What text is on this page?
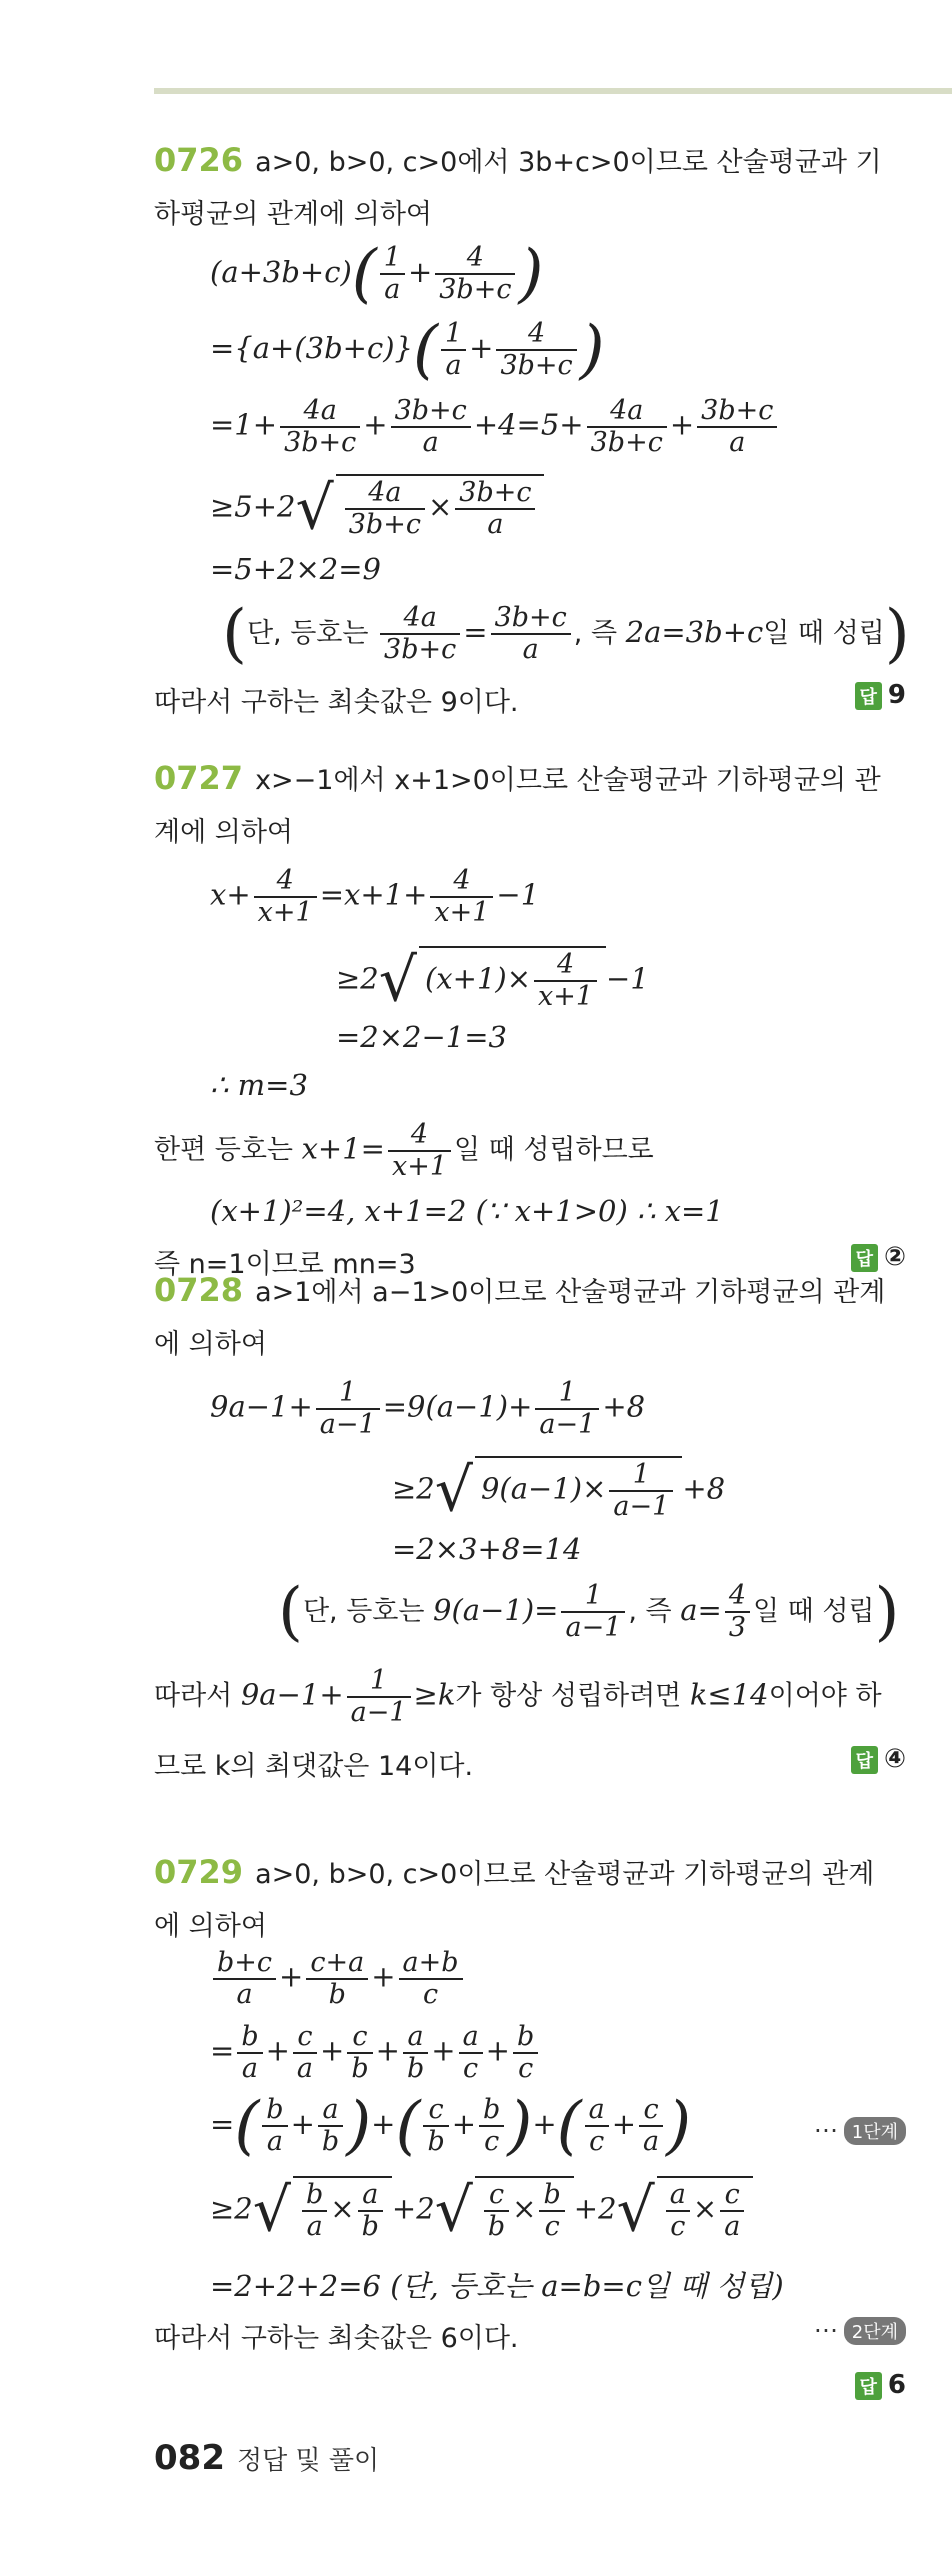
0726 a>0, b>0, c>0에서 3b+c>0이므로 산술평균과 기
하평균의 관계에 의하여
$(a+3b+c)( \frac{1}{a} + \frac{4}{3b+c}$ )
$=\{a+(3b+c)\}( \frac{1}{a} + \frac{4}{3b+c}$ )
$=1+ \frac{4a}{3b+c} + \frac{3b+c}{a} +4=5+ \frac{4a}{3b+c} + \frac{3b+c}{a}$
$\ge 5+2√ \frac{4a}{3b+c} \times \frac{3b+c}{a}$
=5+2×2=9
(단, 등호는 $\frac{4a}{3b+c} = \frac{3b+c}{a}$ , 즉 2a=3b+c일 때 성립)
따라서 구하는 최솟값은 9이다.	답 9
0727 x>−1에서 x+1>0이므로 산술평균과 기하평균의 관
계에 의하여
$x+ \frac{4}{x+1} =x+1+ \frac{4}{x+1} -1$
≥2√ $(x+1)\times \frac{4}{x+1} -1$
=2×2−1=3
∴ m=3
한편 등호는 $x+1= \frac{4}{x+1}$ 일 때 성립하므로
(x+1)²=4, x+1=2 (∵ x+1>0) ∴ x=1
즉 n=1이므로 mn=3	답 ②
0728 a>1에서 a−1>0이므로 산술평균과 기하평균의 관계
에 의하여
$9a-1+ \frac{1}{a-1} =9(a-1)+ \frac{1}{a-1} +8$
≥2√ $9(a-1)\times \frac{1}{a-1} +8$
=2×3+8=14
(단, 등호는 $9(a-1)= \frac{1}{a-1}$ , 즉 $a= \frac{4}{3}$ 일 때 성립)
따라서 $9a-1+ \frac{1}{a-1} \ge k$가 항상 성립하려면 k≤14이어야 하
므로 k의 최댓값은 14이다.	답 ④
0729 a>0, b>0, c>0이므로 산술평균과 기하평균의 관계
에 의하여
$\frac{b+c}{a} + \frac{c+a}{b} + \frac{a+b}{c}$
= $\frac{b}{a} + \frac{c}{a} + \frac{c}{b} + \frac{a}{b} + \frac{a}{c} + \frac{b}{c}$
=( $\frac{b}{a} + \frac{a}{b}$ )+( $\frac{c}{b} + \frac{b}{c}$ )+( $\frac{a}{c} + \frac{c}{a}$ )	⋯ 1단계
$\ge 2√ \frac{b}{a} \times \frac{a}{b} +2√ \frac{c}{b} \times \frac{b}{c} +2√ \frac{a}{c} \times \frac{c}{a}$
=2+2+2=6 (단, 등호는 a=b=c일 때 성립)
따라서 구하는 최솟값은 6이다.	⋯ 2단계
답 6
082 정답 및 풀이
